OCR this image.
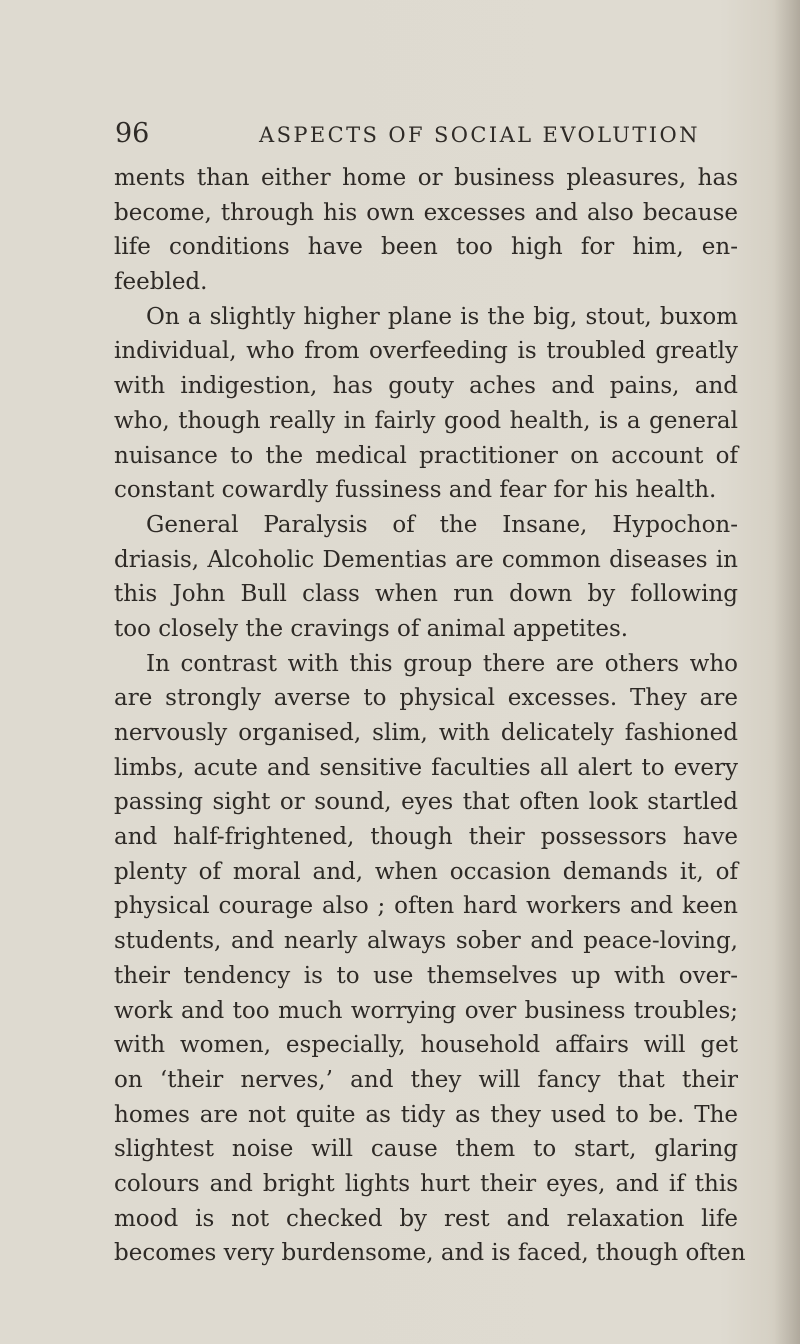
96	ASPECTS OF SOCIAL EVOLUTION
ments than either home or business pleasures, has
become, through his own excesses and also because
life conditions have been too high for him, en-
feebled.
On a slightly higher plane is the big, stout, buxom
individual, who from overfeeding is troubled greatly
with indigestion, has gouty aches and pains, and
who, though really in fairly good health, is a general
nuisance to the medical practitioner on account of
constant cowardly fussiness and fear for his health.
General Paralysis of the Insane, Hypochon-
driasis, Alcoholic Dementias are common diseases in
this John Bull class when run down by following
too closely the cravings of animal appetites.
In contrast with this group there are others who
are strongly averse to physical excesses. They are
nervously organised, slim, with delicately fashioned
limbs, acute and sensitive faculties all alert to every
passing sight or sound, eyes that often look startled
and half-frightened, though their possessors have
plenty of moral and, when occasion demands it, of
physical courage also ; often hard workers and keen
students, and nearly always sober and peace-loving,
their tendency is to use themselves up with over-
work and too much worrying over business troubles;
with women, especially, household affairs will get
on ‘their nerves,’ and they will fancy that their
homes are not quite as tidy as they used to be. The
slightest noise will cause them to start, glaring
colours and bright lights hurt their eyes, and if this
mood is not checked by rest and relaxation life
becomes very burdensome, and is faced, though often
